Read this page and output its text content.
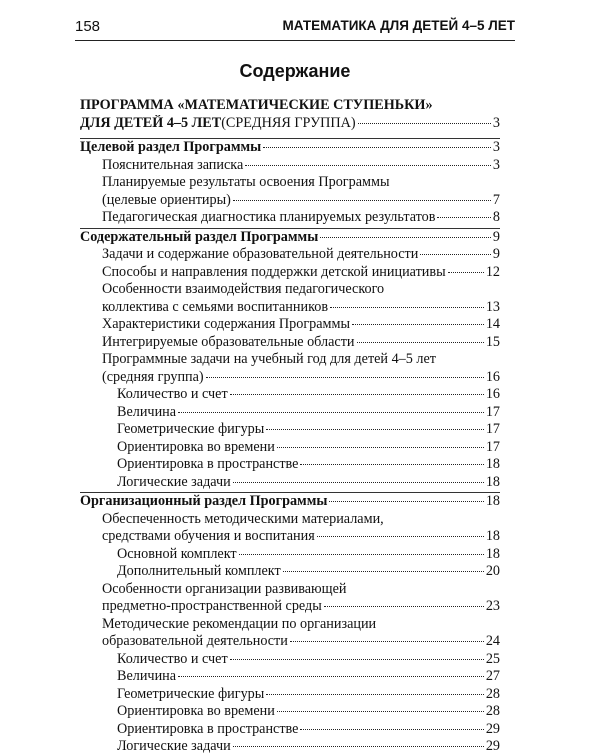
158	МАТЕМАТИКА ДЛЯ ДЕТЕЙ 4–5 ЛЕТ
Содержание
ПРОГРАММА «МАТЕМАТИЧЕСКИЕ СТУПЕНЬКИ»
ДЛЯ ДЕТЕЙ 4–5 ЛЕТ (СРЕДНЯЯ ГРУППА)	3
Целевой раздел Программы	3
Пояснительная записка	3
Планируемые результаты освоения Программы
(целевые ориентиры)	7
Педагогическая диагностика планируемых результатов	8
Содержательный раздел Программы	9
Задачи и содержание образовательной деятельности	9
Способы и направления поддержки детской инициативы	12
Особенности взаимодействия педагогического
коллектива с семьями воспитанников	13
Характеристики содержания Программы	14
Интегрируемые образовательные области	15
Программные задачи на учебный год для детей 4–5 лет
(средняя группа)	16
Количество и счет	16
Величина	17
Геометрические фигуры	17
Ориентировка во времени	17
Ориентировка в пространстве	18
Логические задачи	18
Организационный раздел Программы	18
Обеспеченность методическими материалами,
средствами обучения и воспитания	18
Основной комплект	18
Дополнительный комплект	20
Особенности организации развивающей
предметно-пространственной среды	23
Методические рекомендации по организации
образовательной деятельности	24
Количество и счет	25
Величина	27
Геометрические фигуры	28
Ориентировка во времени	28
Ориентировка в пространстве	29
Логические задачи	29
